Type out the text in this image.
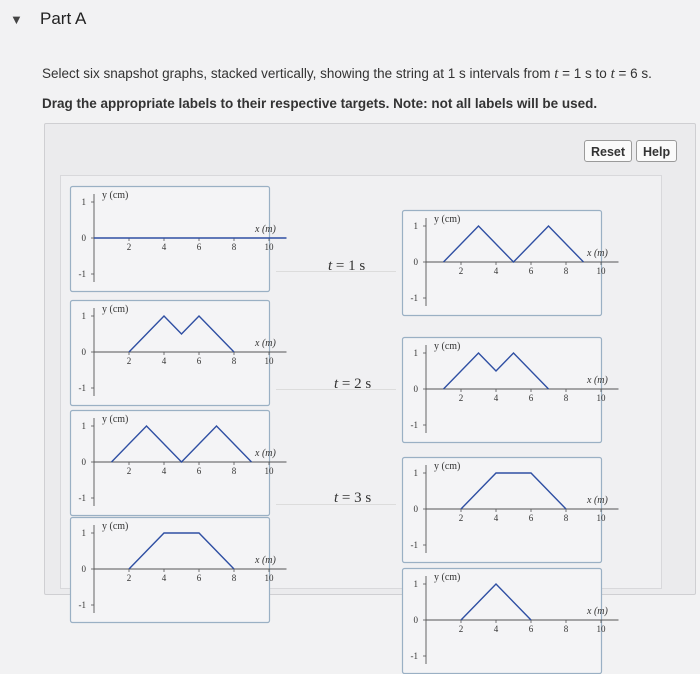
▼ Part A
Select six snapshot graphs, stacked vertically, showing the string at 1 s intervals from t = 1 s to t = 6 s.
Drag the appropriate labels to their respective targets. Note: not all labels will be used.
Reset	Help
t = 1 s
t = 2 s
t = 3 s
y (cm)
x (m)
1
0
-1
2	4	6	8	10
y (cm)
x (m)
1
0
-1
2	4	6	8	10
y (cm)
x (m)
1
0
-1
2	4	6	8	10
y (cm)
x (m)
1
0
-1
2	4	6	8	10
y (cm)
x (m)
1
0
-1
2	4	6	8	10
y (cm)
x (m)
1
0
-1
2	4	6	8	10
y (cm)
x (m)
1
0
-1
2	4	6	8	10
y (cm)
x (m)
1
0
-1
2	4	6	8	10
